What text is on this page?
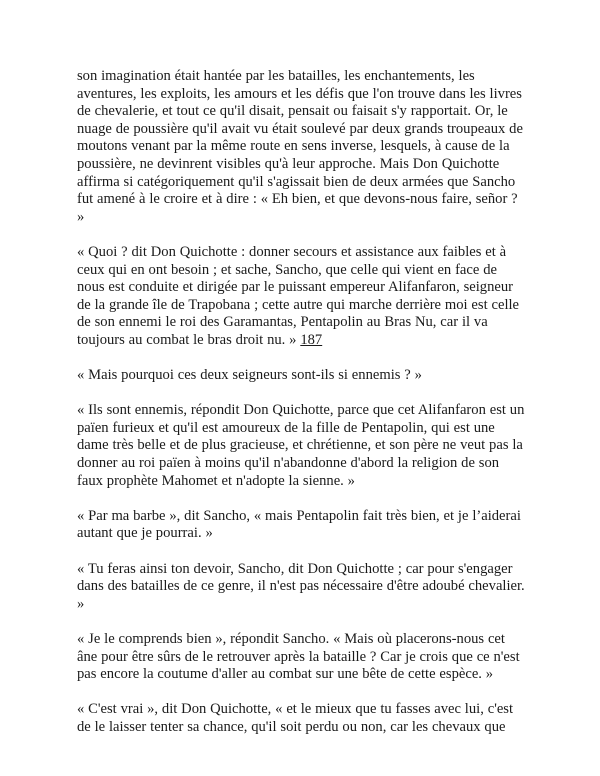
son imagination était hantée par les batailles, les enchantements, les aventures, les exploits, les amours et les défis que l'on trouve dans les livres de chevalerie, et tout ce qu'il disait, pensait ou faisait s'y rapportait. Or, le nuage de poussière qu'il avait vu était soulevé par deux grands troupeaux de moutons venant par la même route en sens inverse, lesquels, à cause de la poussière, ne devinrent visibles qu'à leur approche. Mais Don Quichotte affirma si catégoriquement qu'il s'agissait bien de deux armées que Sancho fut amené à le croire et à dire : « Eh bien, et que devons-nous faire, señor ? »

« Quoi ? dit Don Quichotte : donner secours et assistance aux faibles et à ceux qui en ont besoin ; et sache, Sancho, que celle qui vient en face de nous est conduite et dirigée par le puissant empereur Alifanfaron, seigneur de la grande île de Trapobana ; cette autre qui marche derrière moi est celle de son ennemi le roi des Garamantas, Pentapolin au Bras Nu, car il va toujours au combat le bras droit nu. » 187

« Mais pourquoi ces deux seigneurs sont-ils si ennemis ? »

« Ils sont ennemis, répondit Don Quichotte, parce que cet Alifanfaron est un païen furieux et qu'il est amoureux de la fille de Pentapolin, qui est une dame très belle et de plus gracieuse, et chrétienne, et son père ne veut pas la donner au roi païen à moins qu'il n'abandonne d'abord la religion de son faux prophète Mahomet et n'adopte la sienne. »

« Par ma barbe », dit Sancho, « mais Pentapolin fait très bien, et je l’aiderai autant que je pourrai. »

« Tu feras ainsi ton devoir, Sancho, dit Don Quichotte ; car pour s'engager dans des batailles de ce genre, il n'est pas nécessaire d'être adoubé chevalier. »

« Je le comprends bien », répondit Sancho. « Mais où placerons-nous cet âne pour être sûrs de le retrouver après la bataille ? Car je crois que ce n'est pas encore la coutume d'aller au combat sur une bête de cette espèce. »

« C'est vrai », dit Don Quichotte, « et le mieux que tu fasses avec lui, c'est de le laisser tenter sa chance, qu'il soit perdu ou non, car les chevaux que
